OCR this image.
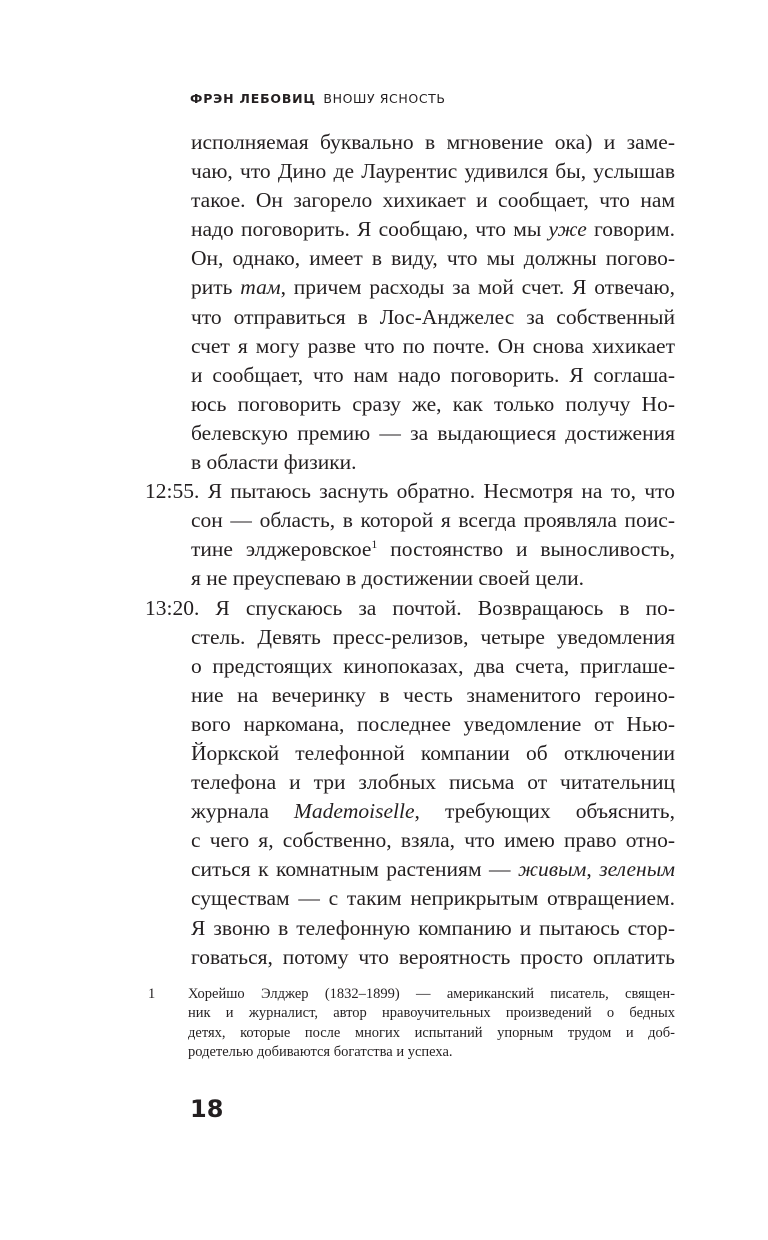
ФРЭН ЛЕБОВИЦ ВНОШУ ЯСНОСТЬ
исполняемая буквально в мгновение ока) и заме-
чаю, что Дино де Лаурентис удивился бы, услышав
такое. Он загорело хихикает и сообщает, что нам
надо поговорить. Я сообщаю, что мы уже говорим.
Он, однако, имеет в виду, что мы должны погово-
рить там, причем расходы за мой счет. Я отвечаю,
что отправиться в Лос-Анджелес за собственный
счет я могу разве что по почте. Он снова хихикает
и сообщает, что нам надо поговорить. Я соглаша-
юсь поговорить сразу же, как только получу Но-
белевскую премию — за выдающиеся достижения
в области физики.
12:55. Я пытаюсь заснуть обратно. Несмотря на то, что
сон — область, в которой я всегда проявляла поис-
тине элджеровское$^1$ постоянство и выносливость,
я не преуспеваю в достижении своей цели.
13:20. Я спускаюсь за почтой. Возвращаюсь в по-
стель. Девять пресс-релизов, четыре уведомления
о предстоящих кинопоказах, два счета, приглаше-
ние на вечеринку в честь знаменитого героино-
вого наркомана, последнее уведомление от Нью-
Йоркской телефонной компании об отключении
телефона и три злобных письма от читательниц
журнала Mademoiselle, требующих объяснить,
с чего я, собственно, взяла, что имею право отно-
ситься к комнатным растениям — живым, зеленым
существам — с таким неприкрытым отвращением.
Я звоню в телефонную компанию и пытаюсь стор-
говаться, потому что вероятность просто оплатить
1 Хорейшо Элджер (1832–1899) — американский писатель, священ-
ник и журналист, автор нравоучительных произведений о бедных
детях, которые после многих испытаний упорным трудом и доб-
родетелью добиваются богатства и успеха.
18
